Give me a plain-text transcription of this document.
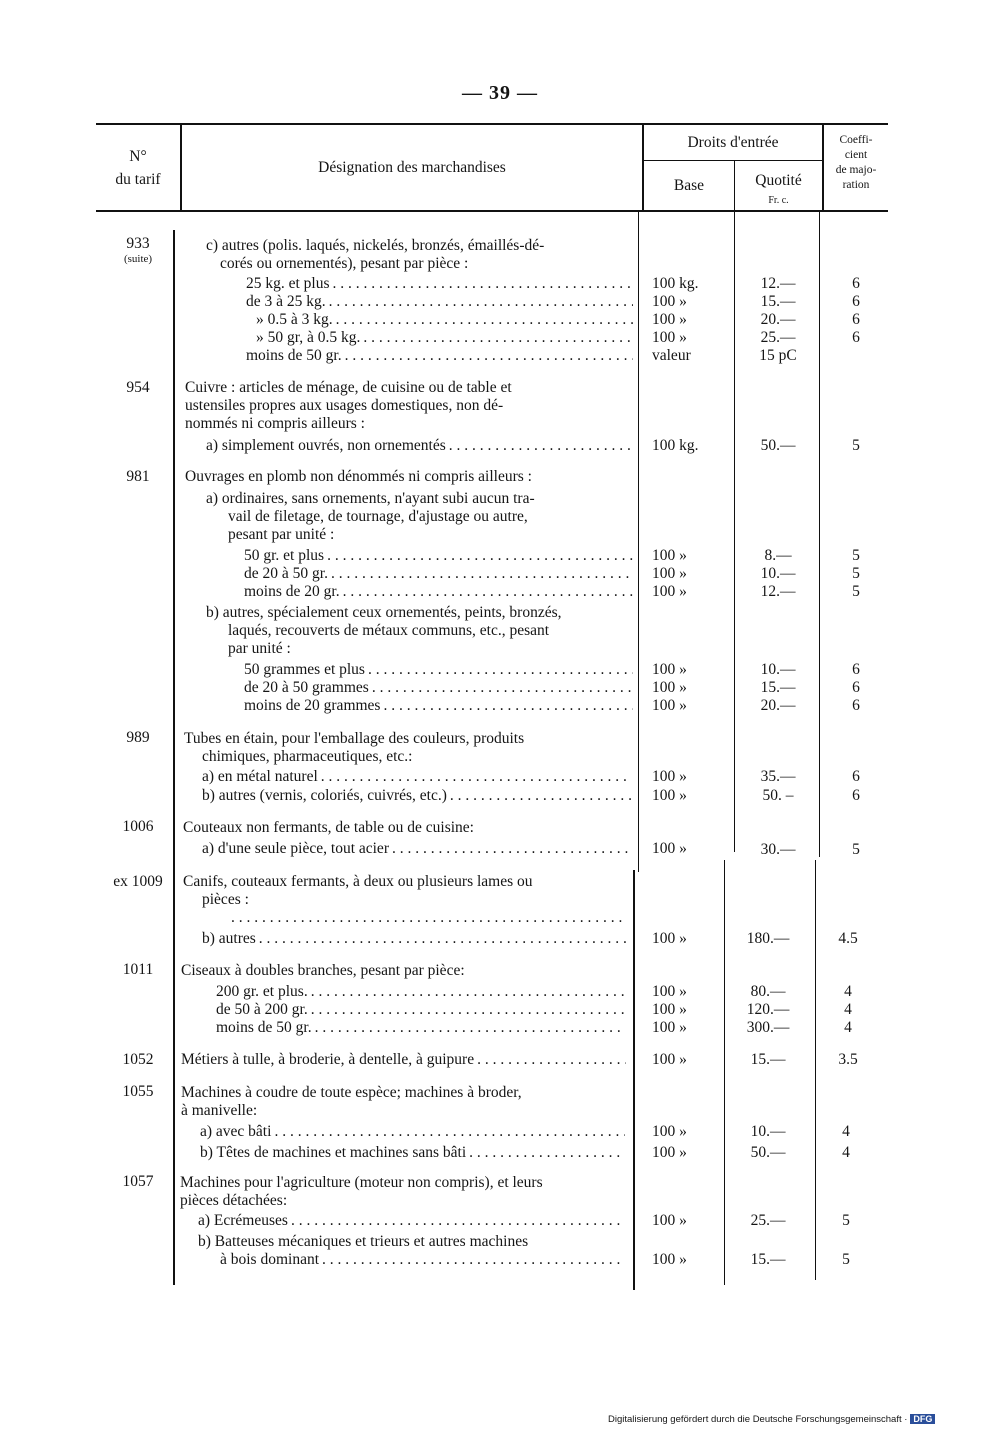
— 39 —
N°
du tarif
Désignation des marchandises
Droits d'entrée
Base	Quotité
Fr. c.
Coeffi-
cient
de majo-
ration
933
(suite)
c) autres (polis. laqués, nickelés, bronzés, émaillés-dé-
corés ou ornementés), pesant par pièce :
25 kg. et plus . . .	100 kg.	12.—	6
de 3 à 25 kg. . . .	100 »	15.—	6
» 0.5 à 3 kg. . . .	100 »	20.—	6
» 50 gr, à 0.5 kg. . . .	100 »	25.—	6
moins de 50 gr. . . .	valeur	15 pC
954	Cuivre : articles de ménage, de cuisine ou de table et
ustensiles propres aux usages domestiques, non dé-
nommés ni compris ailleurs :
a) simplement ouvrés, non ornementés . . .	100 kg.	50.—	5
981	Ouvrages en plomb non dénommés ni compris ailleurs :
a) ordinaires, sans ornements, n'ayant subi aucun tra-
vail de filetage, de tournage, d'ajustage ou autre,
pesant par unité :
50 gr. et plus . . .	100 »	8.—	5
de 20 à 50 gr. . . .	100 »	10.—	5
moins de 20 gr. . . .	100 »	12.—	5
b) autres, spécialement ceux ornementés, peints, bronzés,
laqués, recouverts de métaux communs, etc., pesant
par unité :
50 grammes et plus . . .	100 »	10.—	6
de 20 à 50 grammes . . .	100 »	15.—	6
moins de 20 grammes . . .	100 »	20.—	6
989	Tubes en étain, pour l'emballage des couleurs, produits
chimiques, pharmaceutiques, etc.:
a) en métal naturel . . .	100 »	35.—	6
b) autres (vernis, coloriés, cuivrés, etc.) . . .	100 »	50. –	6
1006	Couteaux non fermants, de table ou de cuisine:
a) d'une seule pièce, tout acier . . .	100 »	30.—	5
ex 1009	Canifs, couteaux fermants, à deux ou plusieurs lames ou
pièces :
. . .
b) autres . . .	100 »	180.—	4.5
1011	Ciseaux à doubles branches, pesant par pièce:
200 gr. et plus. . . .	100 »	80.—	4
de 50 à 200 gr. . . .	100 »	120.—	4
moins de 50 gr. . . .	100 »	300.—	4
1052	Métiers à tulle, à broderie, à dentelle, à guipure . . .	100 »	15.—	3.5
1055	Machines à coudre de toute espèce; machines à broder,
à manivelle:
a) avec bâti . . .	100 »	10.—	4
b) Têtes de machines et machines sans bâti . . .	100 »	50.—	4
1057	Machines pour l'agriculture (moteur non compris), et leurs
pièces détachées:
a) Ecrémeuses . . .	100 »	25.—	5
b) Batteuses mécaniques et trieurs et autres machines
à bois dominant . . .	100 »	15.—	5
Digitalisierung gefördert durch die Deutsche Forschungsgemeinschaft · DFG
